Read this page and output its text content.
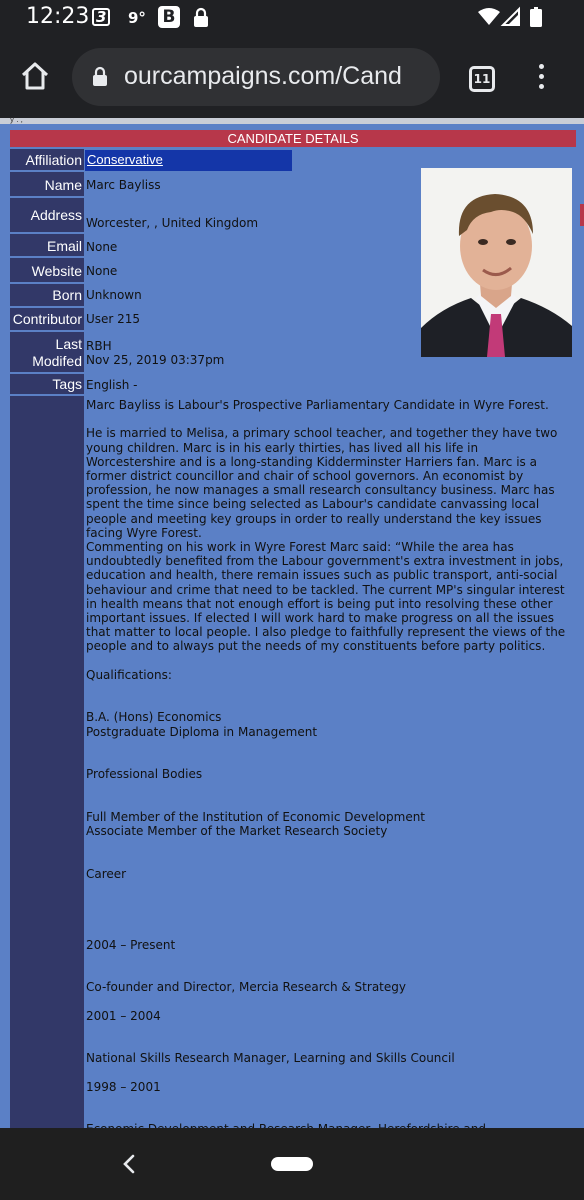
12:23 3 9° B
ourcampaigns.com/Cand	11
y . ,
CANDIDATE DETAILS
Affiliation
Name
Address
Email
Website
Born
Contributor
Last
Modifed
Tags
Conservative
Marc Bayliss
Worcester, , United Kingdom
None
None
Unknown
User 215
RBH
Nov 25, 2019 03:37pm
English -

Marc Bayliss is Labour's Prospective Parliamentary Candidate in Wyre Forest.

He is married to Melisa, a primary school teacher, and together they have two young children. Marc is in his early thirties, has lived all his life in Worcestershire and is a long-standing Kidderminster Harriers fan. Marc is a former district councillor and chair of school governors. An economist by profession, he now manages a small research consultancy business. Marc has spent the time since being selected as Labour's candidate canvassing local people and meeting key groups in order to really understand the key issues facing Wyre Forest.

Commenting on his work in Wyre Forest Marc said: “While the area has undoubtedly benefited from the Labour government's extra investment in jobs, education and health, there remain issues such as public transport, anti-social behaviour and crime that need to be tackled. The current MP's singular interest in health means that not enough effort is being put into resolving these other important issues. If elected I will work hard to make progress on all the issues that matter to local people. I also pledge to faithfully represent the views of the people and to always put the needs of my constituents before party politics.

Qualifications:

B.A. (Hons) Economics

Postgraduate Diploma in Management

Professional Bodies

Full Member of the Institution of Economic Development

Associate Member of the Market Research Society

Career

2004 – Present

Co-founder and Director, Mercia Research & Strategy

2001 – 2004

National Skills Research Manager, Learning and Skills Council

1998 – 2001
